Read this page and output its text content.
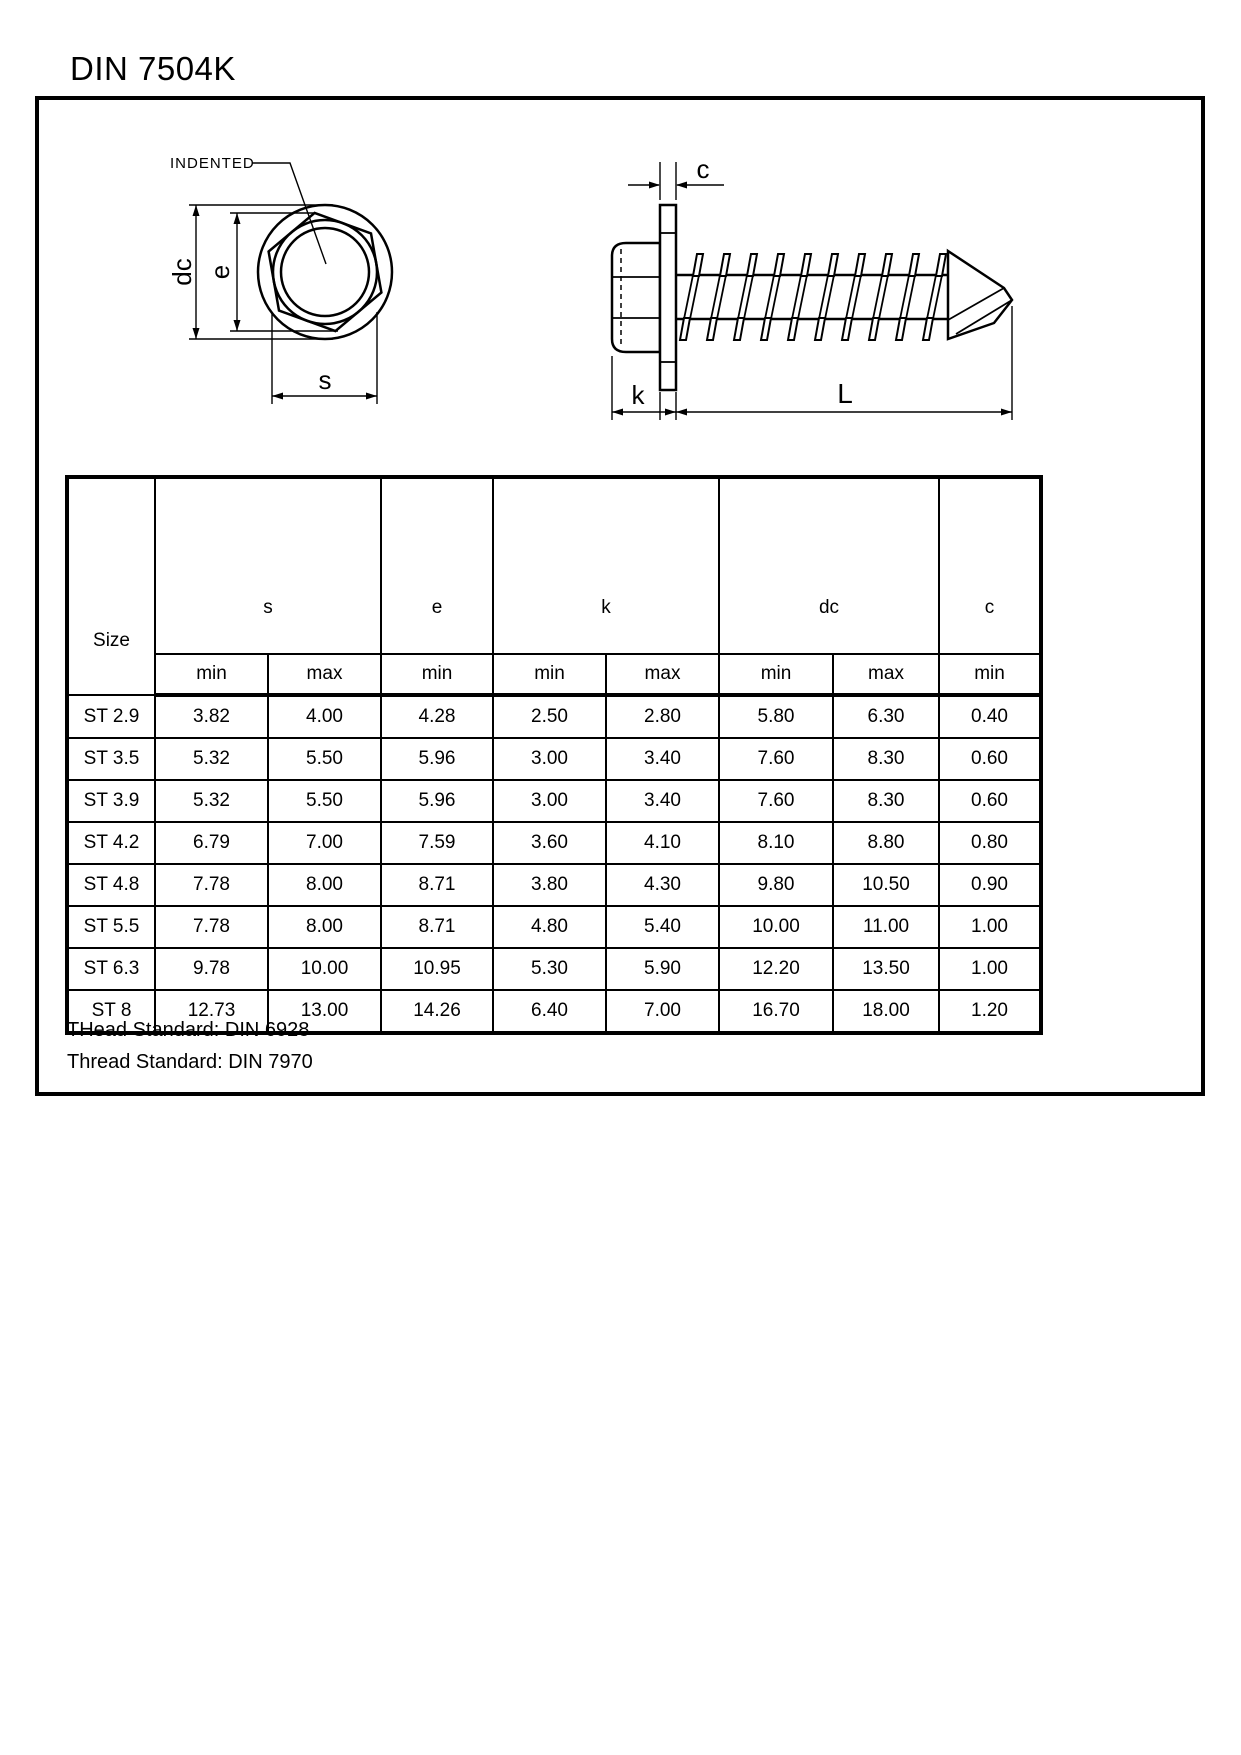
DIN 7504K
INDENTED
dc e
s
c
k	L
Size	s		e	k		dc		c
	min	max	min	min	max	min	max	min
ST 2.9	3.82	4.00	4.28	2.50	2.80	5.80	6.30	0.40
ST 3.5	5.32	5.50	5.96	3.00	3.40	7.60	8.30	0.60
ST 3.9	5.32	5.50	5.96	3.00	3.40	7.60	8.30	0.60
ST 4.2	6.79	7.00	7.59	3.60	4.10	8.10	8.80	0.80
ST 4.8	7.78	8.00	8.71	3.80	4.30	9.80	10.50	0.90
ST 5.5	7.78	8.00	8.71	4.80	5.40	10.00	11.00	1.00
ST 6.3	9.78	10.00	10.95	5.30	5.90	12.20	13.50	1.00
ST 8	12.73	13.00	14.26	6.40	7.00	16.70	18.00	1.20
THead Standard: DIN 6928
Thread Standard: DIN 7970
